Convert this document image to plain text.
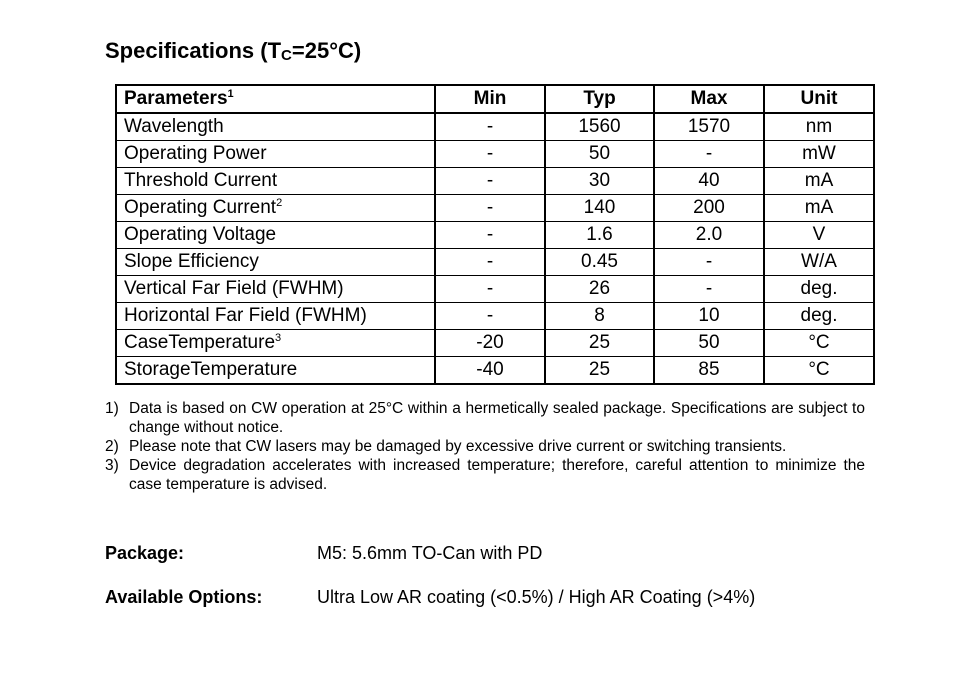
Specifications (TC=25°C)
Parameters$^1$	Min	Typ	Max	Unit
Wavelength	-	1560	1570	nm
Operating Power	-	50	-	mW
Threshold Current	-	30	40	mA
Operating Current$^2$	-	140	200	mA
Operating Voltage	-	1.6	2.0	V
Slope Efficiency	-	0.45	-	W/A
Vertical Far Field (FWHM)	-	26	-	deg.
Horizontal Far Field (FWHM)	-	8	10	deg.
CaseTemperature$^3$	-20	25	50	°C
StorageTemperature	-40	25	85	°C
1) Data is based on CW operation at 25°C within a hermetically sealed package. Specifications are subject to change without notice.
2) Please note that CW lasers may be damaged by excessive drive current or switching transients.
3) Device degradation accelerates with increased temperature; therefore, careful attention to minimize the case temperature is advised.
Package:	M5: 5.6mm TO-Can with PD
Available Options:	Ultra Low AR coating (<0.5%) / High AR Coating (>4%)
